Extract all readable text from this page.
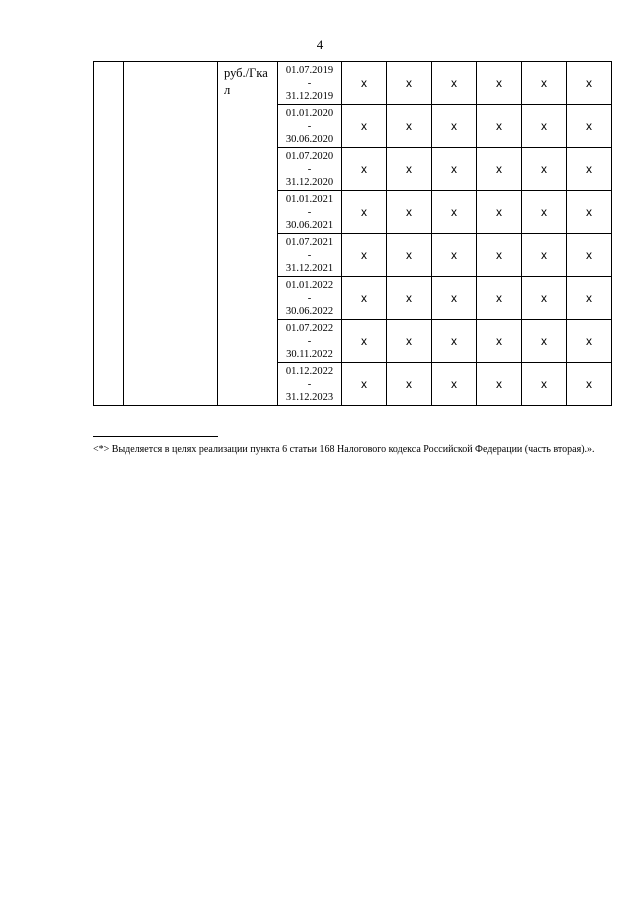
4
		руб./Гка л	01.07.2019
-
31.12.2019	x	x	x	x	x	x

			01.01.2020
-
30.06.2020	x	x	x	x	x	x

			01.07.2020
-
31.12.2020	x	x	x	x	x	x

			01.01.2021
-
30.06.2021	x	x	x	x	x	x

			01.07.2021
-
31.12.2021	x	x	x	x	x	x

			01.01.2022
-
30.06.2022	x	x	x	x	x	x

			01.07.2022
-
30.11.2022	x	x	x	x	x	x

			01.12.2022
-
31.12.2023	x	x	x	x	x	x
<*> Выделяется в целях реализации пункта 6 статьи 168 Налогового кодекса Российской Федерации (часть вторая).».
